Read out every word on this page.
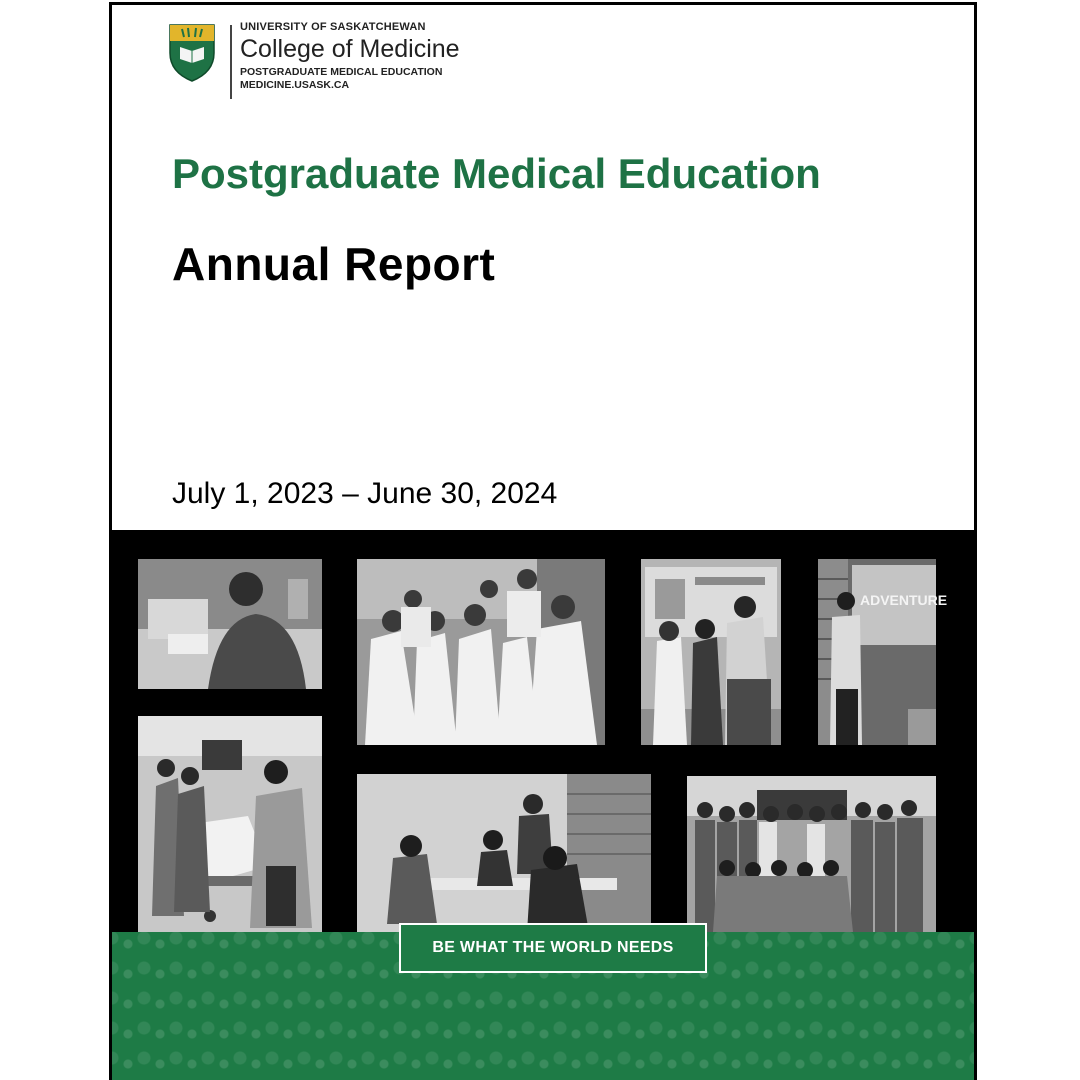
UNIVERSITY OF SASKATCHEWAN
College of Medicine
POSTGRADUATE MEDICAL EDUCATION
MEDICINE.USASK.CA
Postgraduate Medical Education
Annual Report
July 1, 2023 – June 30, 2024
ADVENTURE
BE WHAT THE WORLD NEEDS
